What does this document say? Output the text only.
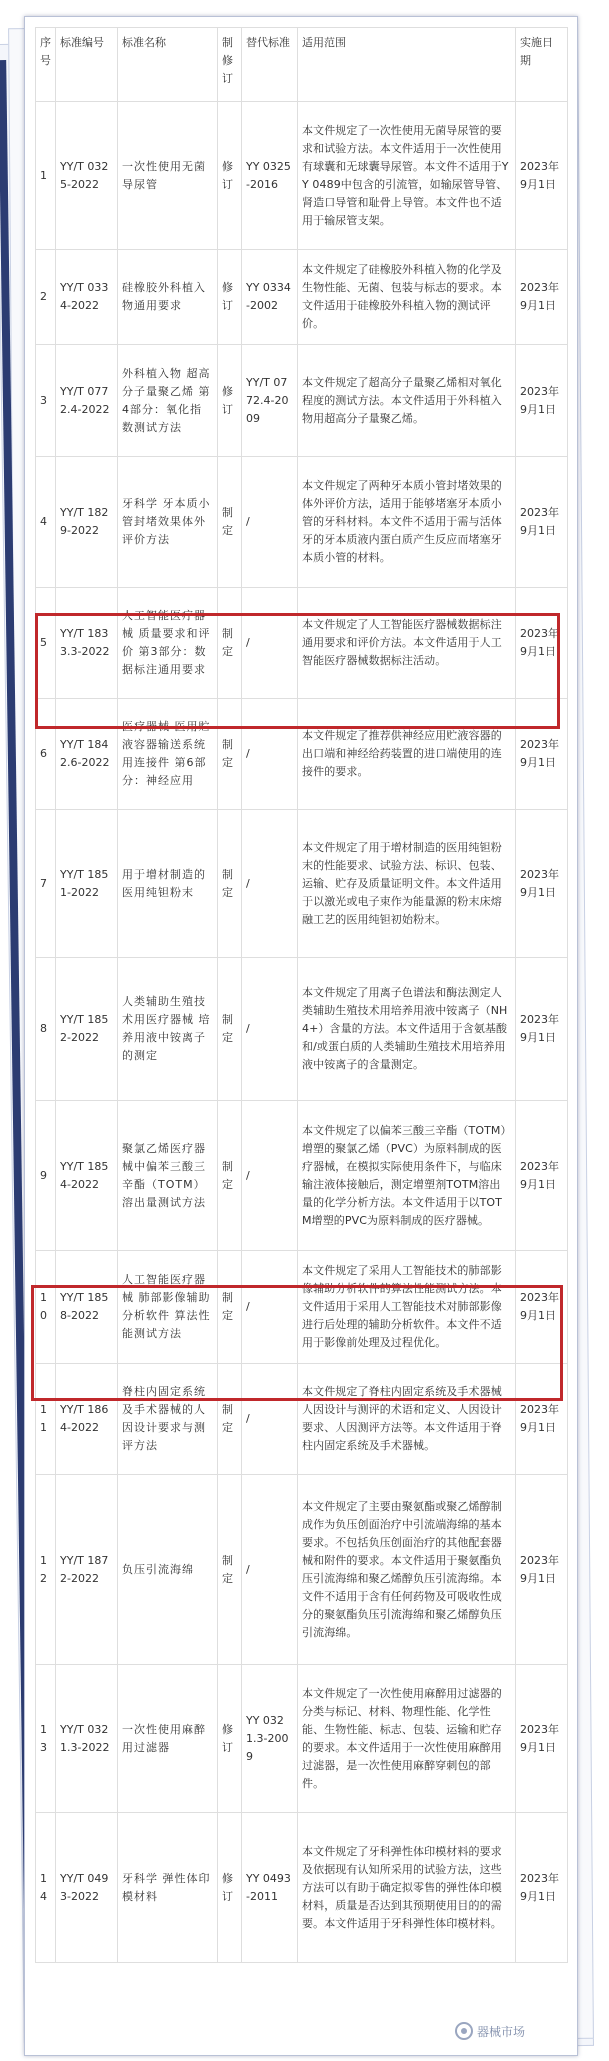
序号	标准编号	标准名称	制修订	替代标准	适用范围	实施日期
1	YY/T 0325-2022	一次性使用无菌导尿管	修订	YY 0325-2016	本文件规定了一次性使用无菌导尿管的要求和试验方法。本文件适用于一次性使用有球囊和无球囊导尿管。本文件不适用于YY 0489中包含的引流管，如输尿管导管、肾造口导管和耻骨上导管。本文件也不适用于输尿管支架。	2023年9月1日
2	YY/T 0334-2022	硅橡胶外科植入物通用要求	修订	YY 0334-2002	本文件规定了硅橡胶外科植入物的化学及生物性能、无菌、包装与标志的要求。本文件适用于硅橡胶外科植入物的测试评价。	2023年9月1日
3	YY/T 0772.4-2022	外科植入物 超高分子量聚乙烯 第4部分：氧化指数测试方法	修订	YY/T 0772.4-2009	本文件规定了超高分子量聚乙烯相对氧化程度的测试方法。本文件适用于外科植入物用超高分子量聚乙烯。	2023年9月1日
4	YY/T 1829-2022	牙科学 牙本质小管封堵效果体外评价方法	制定	/	本文件规定了两种牙本质小管封堵效果的体外评价方法，适用于能够堵塞牙本质小管的牙科材料。本文件不适用于需与活体牙的牙本质液内蛋白质产生反应而堵塞牙本质小管的材料。	2023年9月1日
5	YY/T 1833.3-2022	人工智能医疗器械 质量要求和评价 第3部分：数据标注通用要求	制定	/	本文件规定了人工智能医疗器械数据标注通用要求和评价方法。本文件适用于人工智能医疗器械数据标注活动。	2023年9月1日
6	YY/T 1842.6-2022	医疗器械 医用贮液容器输送系统用连接件 第6部分：神经应用	制定	/	本文件规定了推荐供神经应用贮液容器的出口端和神经给药装置的进口端使用的连接件的要求。	2023年9月1日
7	YY/T 1851-2022	用于增材制造的医用纯钽粉末	制定	/	本文件规定了用于增材制造的医用纯钽粉末的性能要求、试验方法、标识、包装、运输、贮存及质量证明文件。本文件适用于以激光或电子束作为能量源的粉末床熔融工艺的医用纯钽初始粉末。	2023年9月1日
8	YY/T 1852-2022	人类辅助生殖技术用医疗器械 培养用液中铵离子的测定	制定	/	本文件规定了用离子色谱法和酶法测定人类辅助生殖技术用培养用液中铵离子（NH4+）含量的方法。本文件适用于含氨基酸和/或蛋白质的人类辅助生殖技术用培养用液中铵离子的含量测定。	2023年9月1日
9	YY/T 1854-2022	聚氯乙烯医疗器械中偏苯三酸三辛酯（TOTM）溶出量测试方法	制定	/	本文件规定了以偏苯三酸三辛酯（TOTM）增塑的聚氯乙烯（PVC）为原料制成的医疗器械，在模拟实际使用条件下，与临床输注液体接触后，测定增塑剂TOTM溶出量的化学分析方法。本文件适用于以TOTM增塑的PVC为原料制成的医疗器械。	2023年9月1日
10	YY/T 1858-2022	人工智能医疗器械 肺部影像辅助分析软件 算法性能测试方法	制定	/	本文件规定了采用人工智能技术的肺部影像辅助分析软件的算法性能测试方法。本文件适用于采用人工智能技术对肺部影像进行后处理的辅助分析软件。本文件不适用于影像前处理及过程优化。	2023年9月1日
11	YY/T 1864-2022	脊柱内固定系统及手术器械的人因设计要求与测评方法	制定	/	本文件规定了脊柱内固定系统及手术器械人因设计与测评的术语和定义、人因设计要求、人因测评方法等。本文件适用于脊柱内固定系统及手术器械。	2023年9月1日
12	YY/T 1872-2022	负压引流海绵	制定	/	本文件规定了主要由聚氨酯或聚乙烯醇制成作为负压创面治疗中引流端海绵的基本要求。不包括负压创面治疗的其他配套器械和附件的要求。本文件适用于聚氨酯负压引流海绵和聚乙烯醇负压引流海绵。本文件不适用于含有任何药物及可吸收性成分的聚氨酯负压引流海绵和聚乙烯醇负压引流海绵。	2023年9月1日
13	YY/T 0321.3-2022	一次性使用麻醉用过滤器	修订	YY 0321.3-2009	本文件规定了一次性使用麻醉用过滤器的分类与标记、材料、物理性能、化学性能、生物性能、标志、包装、运输和贮存的要求。本文件适用于一次性使用麻醉用过滤器，是一次性使用麻醉穿刺包的部件。	2023年9月1日
14	YY/T 0493-2022	牙科学 弹性体印模材料	修订	YY 0493-2011	本文件规定了牙科弹性体印模材料的要求及依据现有认知所采用的试验方法，这些方法可以有助于确定拟零售的弹性体印模材料，质量是否达到其预期使用目的的需要。本文件适用于牙科弹性体印模材料。	2023年9月1日
器械市场
